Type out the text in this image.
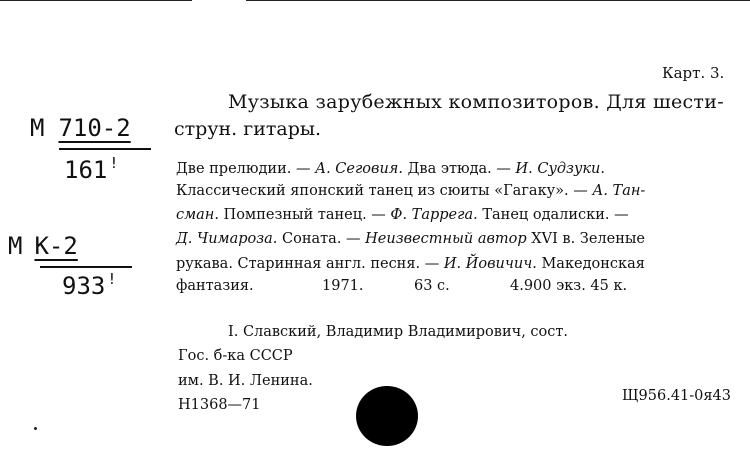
Карт. 3.
Музыка зарубежных композиторов. Для шести-
струн. гитары.
М 710-2
161 !
М К-2
933 !
Две прелюдии. — А. Сеговия. Два этюда. — И. Судзуки.
Классический японский танец из сюиты «Гагаку». — А. Тан-
сман. Помпезный танец. — Ф. Таррега. Танец одалиски. —
Д. Чимароза. Соната. — Неизвестный автор XVI в. Зеленые
рукава. Старинная англ. песня. — И. Йовичич. Македонская
фантазия.	1971.	63 с.	4.900 экз. 45 к.
I. Славский, Владимир Владимирович, сост.
Гос. б-ка СССР
им. В. И. Ленина.
Н1368—71
Щ956.41-0я43
